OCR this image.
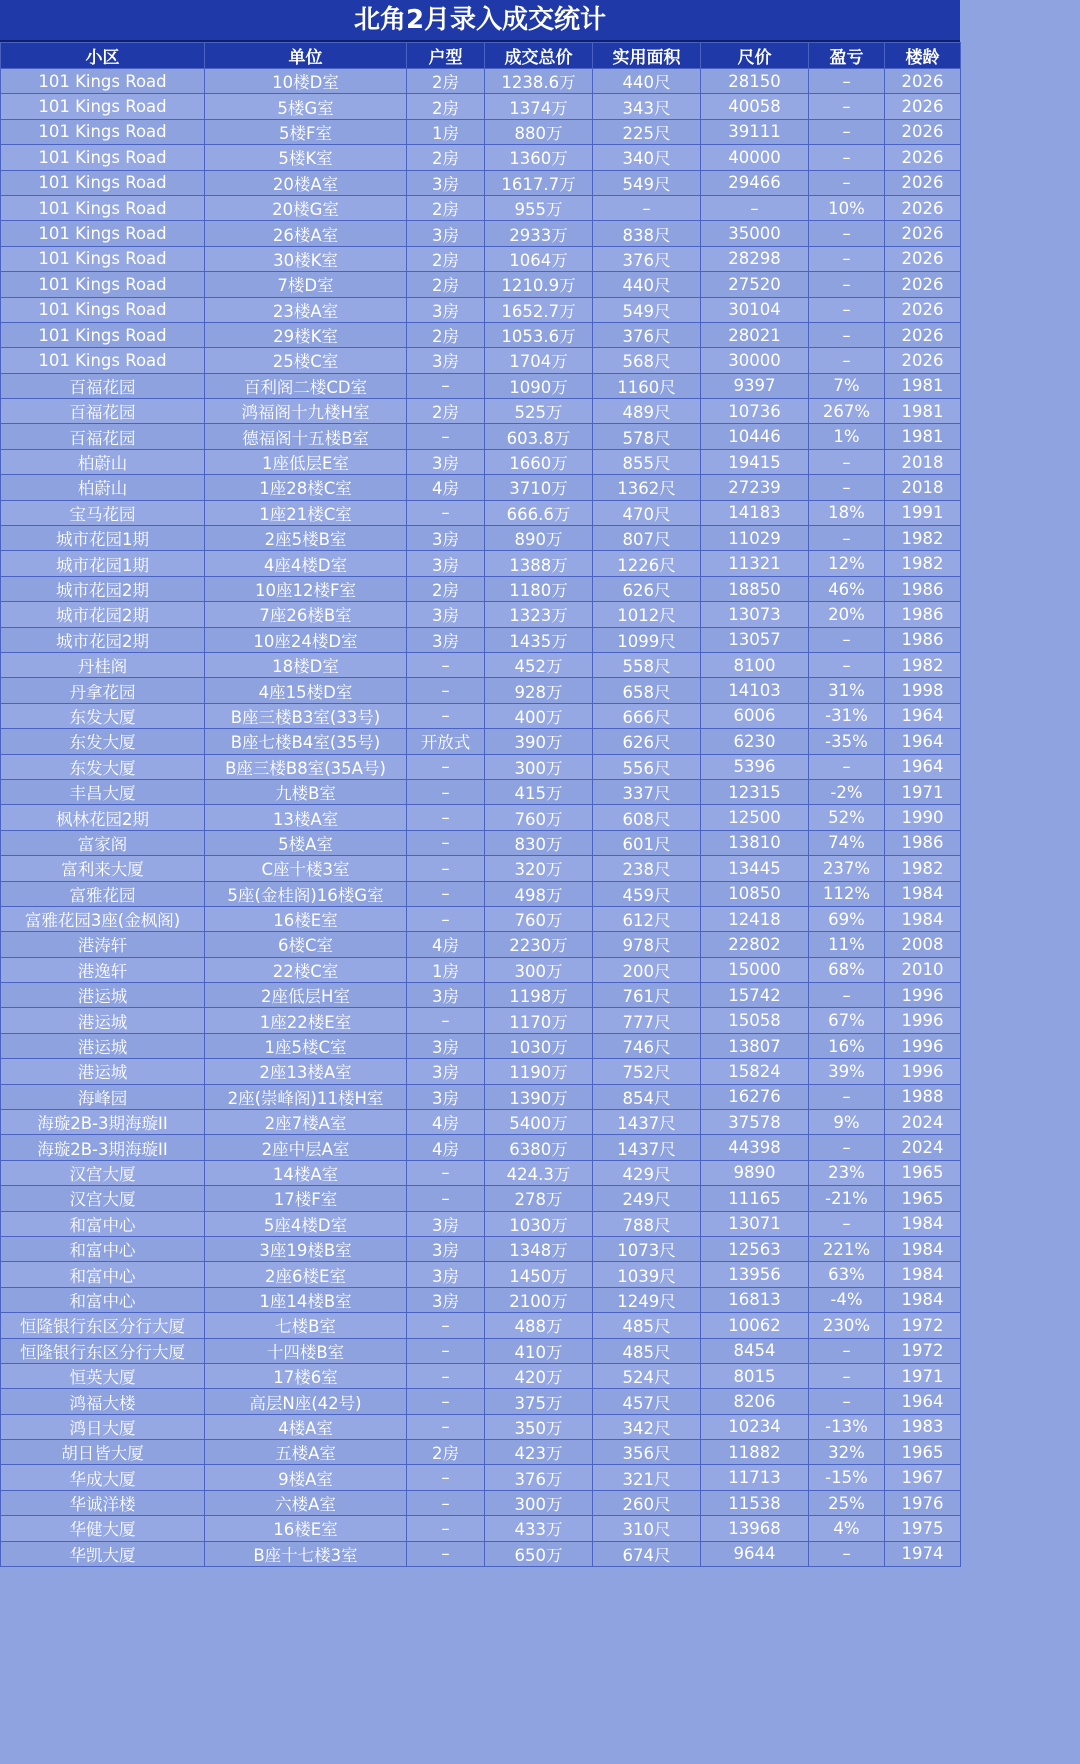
北角2月录入成交统计
小区	单位	户型	成交总价	实用面积	尺价	盈亏	楼龄
101 Kings Road	10楼D室	2房	1238.6万	440尺	28150	–	2026
101 Kings Road	5楼G室	2房	1374万	343尺	40058	–	2026
101 Kings Road	5楼F室	1房	880万	225尺	39111	–	2026
101 Kings Road	5楼K室	2房	1360万	340尺	40000	–	2026
101 Kings Road	20楼A室	3房	1617.7万	549尺	29466	–	2026
101 Kings Road	20楼G室	2房	955万	–	–	10%	2026
101 Kings Road	26楼A室	3房	2933万	838尺	35000	–	2026
101 Kings Road	30楼K室	2房	1064万	376尺	28298	–	2026
101 Kings Road	7楼D室	2房	1210.9万	440尺	27520	–	2026
101 Kings Road	23楼A室	3房	1652.7万	549尺	30104	–	2026
101 Kings Road	29楼K室	2房	1053.6万	376尺	28021	–	2026
101 Kings Road	25楼C室	3房	1704万	568尺	30000	–	2026
百福花园	百利阁二楼CD室	–	1090万	1160尺	9397	7%	1981
百福花园	鸿福阁十九楼H室	2房	525万	489尺	10736	267%	1981
百福花园	德福阁十五楼B室	–	603.8万	578尺	10446	1%	1981
柏蔚山	1座低层E室	3房	1660万	855尺	19415	–	2018
柏蔚山	1座28楼C室	4房	3710万	1362尺	27239	–	2018
宝马花园	1座21楼C室	–	666.6万	470尺	14183	18%	1991
城市花园1期	2座5楼B室	3房	890万	807尺	11029	–	1982
城市花园1期	4座4楼D室	3房	1388万	1226尺	11321	12%	1982
城市花园2期	10座12楼F室	2房	1180万	626尺	18850	46%	1986
城市花园2期	7座26楼B室	3房	1323万	1012尺	13073	20%	1986
城市花园2期	10座24楼D室	3房	1435万	1099尺	13057	–	1986
丹桂阁	18楼D室	–	452万	558尺	8100	–	1982
丹拿花园	4座15楼D室	–	928万	658尺	14103	31%	1998
东发大厦	B座三楼B3室(33号)	–	400万	666尺	6006	-31%	1964
东发大厦	B座七楼B4室(35号)	开放式	390万	626尺	6230	-35%	1964
东发大厦	B座三楼B8室(35A号)	–	300万	556尺	5396	–	1964
丰昌大厦	九楼B室	–	415万	337尺	12315	-2%	1971
枫林花园2期	13楼A室	–	760万	608尺	12500	52%	1990
富家阁	5楼A室	–	830万	601尺	13810	74%	1986
富利来大厦	C座十楼3室	–	320万	238尺	13445	237%	1982
富雅花园	5座(金桂阁)16楼G室	–	498万	459尺	10850	112%	1984
富雅花园3座(金枫阁)	16楼E室	–	760万	612尺	12418	69%	1984
港涛轩	6楼C室	4房	2230万	978尺	22802	11%	2008
港逸轩	22楼C室	1房	300万	200尺	15000	68%	2010
港运城	2座低层H室	3房	1198万	761尺	15742	–	1996
港运城	1座22楼E室	–	1170万	777尺	15058	67%	1996
港运城	1座5楼C室	3房	1030万	746尺	13807	16%	1996
港运城	2座13楼A室	3房	1190万	752尺	15824	39%	1996
海峰园	2座(崇峰阁)11楼H室	3房	1390万	854尺	16276	–	1988
海璇2B-3期海璇II	2座7楼A室	4房	5400万	1437尺	37578	9%	2024
海璇2B-3期海璇II	2座中层A室	4房	6380万	1437尺	44398	–	2024
汉宫大厦	14楼A室	–	424.3万	429尺	9890	23%	1965
汉宫大厦	17楼F室	–	278万	249尺	11165	-21%	1965
和富中心	5座4楼D室	3房	1030万	788尺	13071	–	1984
和富中心	3座19楼B室	3房	1348万	1073尺	12563	221%	1984
和富中心	2座6楼E室	3房	1450万	1039尺	13956	63%	1984
和富中心	1座14楼B室	3房	2100万	1249尺	16813	-4%	1984
恒隆银行东区分行大厦	七楼B室	–	488万	485尺	10062	230%	1972
恒隆银行东区分行大厦	十四楼B室	–	410万	485尺	8454	–	1972
恒英大厦	17楼6室	–	420万	524尺	8015	–	1971
鸿福大楼	高层N座(42号)	–	375万	457尺	8206	–	1964
鸿日大厦	4楼A室	–	350万	342尺	10234	-13%	1983
胡日皆大厦	五楼A室	2房	423万	356尺	11882	32%	1965
华成大厦	9楼A室	–	376万	321尺	11713	-15%	1967
华诚洋楼	六楼A室	–	300万	260尺	11538	25%	1976
华健大厦	16楼E室	–	433万	310尺	13968	4%	1975
华凯大厦	B座十七楼3室	–	650万	674尺	9644	–	1974
